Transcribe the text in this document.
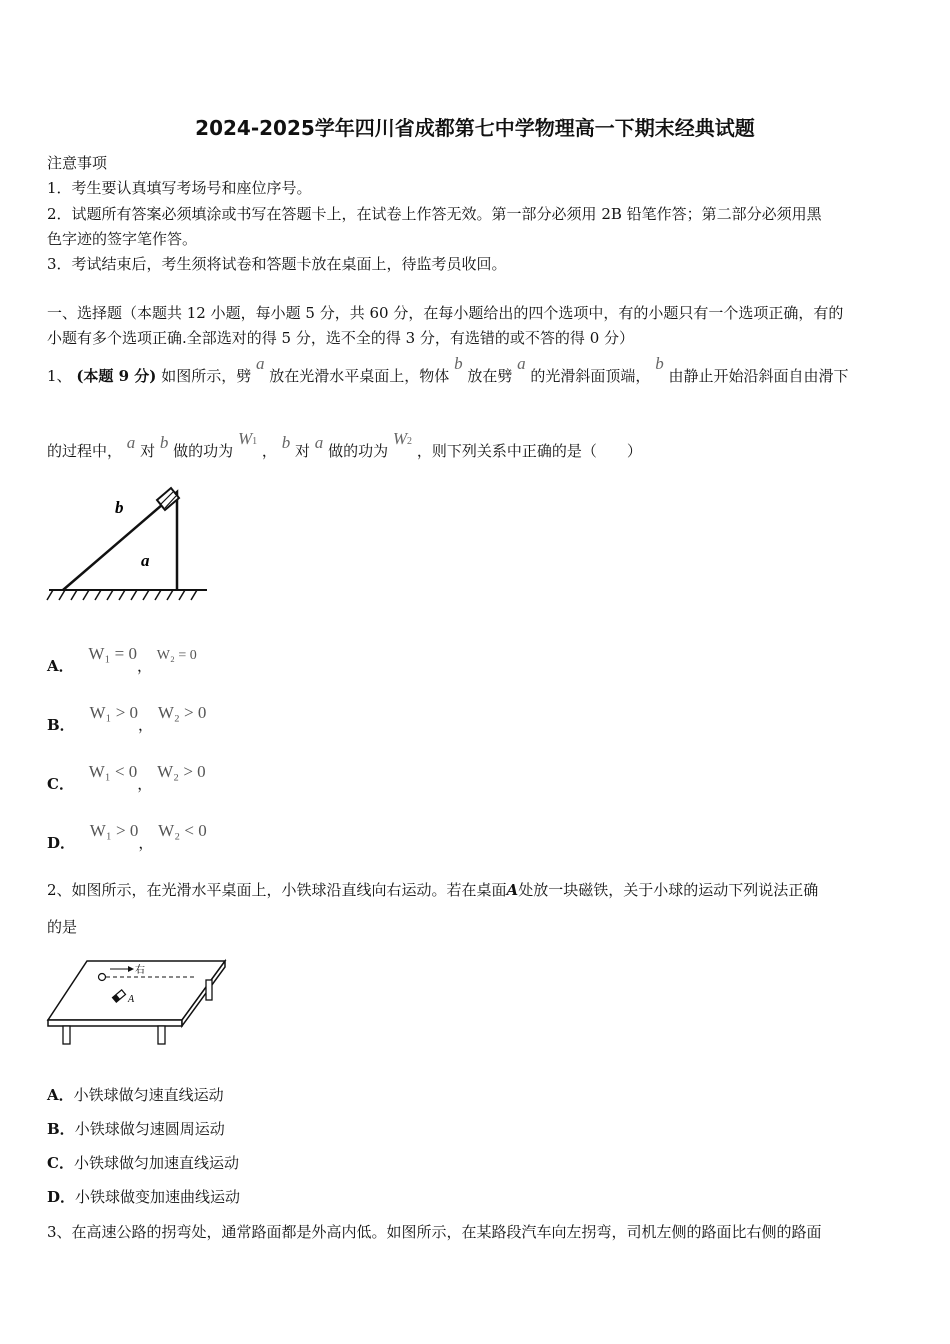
2024-2025学年四川省成都第七中学物理高一下期末经典试题
注意事项
1．考生要认真填写考场号和座位序号。
2．试题所有答案必须填涂或书写在答题卡上，在试卷上作答无效。第一部分必须用 2B 铅笔作答；第二部分必须用黑
色字迹的签字笔作答。
3．考试结束后，考生须将试卷和答题卡放在桌面上，待监考员收回。
一、选择题（本题共 12 小题，每小题 5 分，共 60 分，在每小题给出的四个选项中，有的小题只有一个选项正确，有的
小题有多个选项正确.全部选对的得 5 分，选不全的得 3 分，有选错的或不答的得 0 分）
1、 (本题 9 分) 如图所示，劈 a 放在光滑水平桌面上，物体 b 放在劈 a 的光滑斜面顶端， b 由静止开始沿斜面自由滑下
的过程中， a 对 b 做的功为 W1 ， b 对 a 做的功为 W2 ，则下列关系中正确的是（　　）
b
a
A． W₁ = 0， W₂ = 0
B． W₁ > 0， W₂ > 0
C． W₁ < 0， W₂ > 0
D． W₁ > 0， W₂ < 0
2、如图所示，在光滑水平桌面上，小铁球沿直线向右运动。若在桌面A处放一块磁铁，关于小球的运动下列说法正确
的是
右
A
A．小铁球做匀速直线运动
B．小铁球做匀速圆周运动
C．小铁球做匀加速直线运动
D．小铁球做变加速曲线运动
3、在高速公路的拐弯处，通常路面都是外高内低。如图所示，在某路段汽车向左拐弯，司机左侧的路面比右侧的路面
